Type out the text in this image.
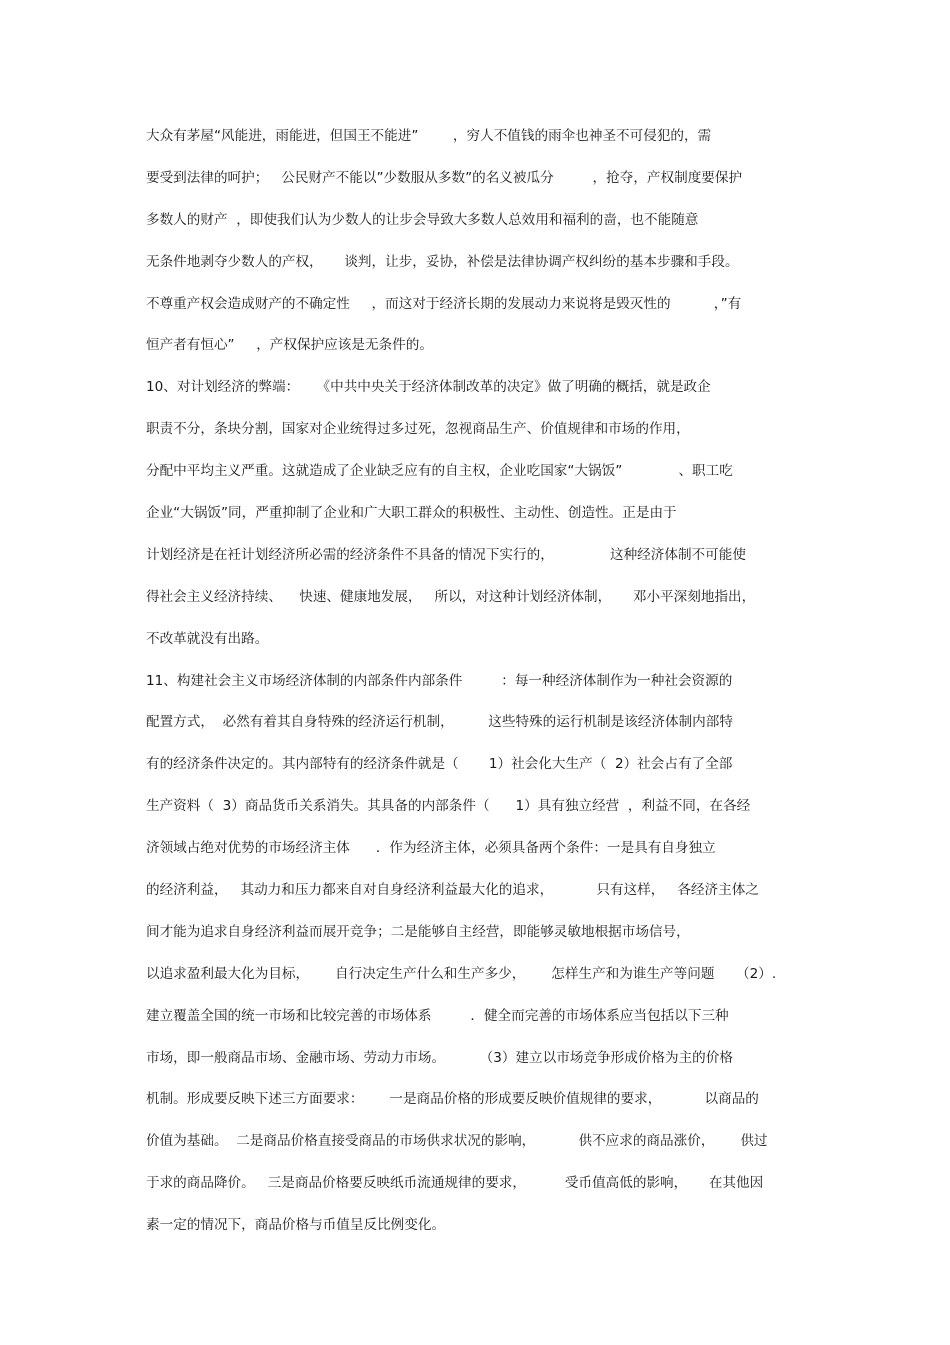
大众有茅屋“风能进，雨能进，但国王不能进”        ，穷人不值钱的雨伞也神圣不可侵犯的，需
要受到法律的呵护；   公民财产不能以”少数服从多数”的名义被瓜分         ，抢夺，产权制度要保护
多数人的财产  ，即使我们认为少数人的让步会导致大多数人总效用和福利的啬，也不能随意
无条件地剥夺少数人的产权，     谈判，让步，妥协，补偿是法律协调产权纠纷的基本步骤和手段。
不尊重产权会造成财产的不确定性     ，而这对于经济长期的发展动力来说将是毁灭性的          ，”有
恒产者有恒心”     ，产权保护应该是无条件的。
10、对计划经济的弊端：    《中共中央关于经济体制改革的决定》做了明确的概括，就是政企
职责不分，条块分割，国家对企业统得过多过死，忽视商品生产、价值规律和市场的作用，
分配中平均主义严重。这就造成了企业缺乏应有的自主权，企业吃国家“大锅饭”             、职工吃
企业“大锅饭”同，严重抑制了企业和广大职工群众的积极性、主动性、创造性。正是由于
计划经济是在衽计划经济所必需的经济条件不具备的情况下实行的，             这种经济体制不可能使
得社会主义经济持续、    快速、健康地发展，   所以，对这种计划经济体制，     邓小平深刻地指出，
不改革就没有出路。
11、构建社会主义市场经济体制的内部条件内部条件         ：每一种经济体制作为一种社会资源的
配置方式，  必然有着其自身特殊的经济运行机制，        这些特殊的运行机制是该经济体制内部特
有的经济条件决定的。其内部特有的经济条件就是（       1）社会化大生产（  2）社会占有了全部
生产资料（  3）商品货币关系消失。其具备的内部条件（      1）具有独立经营  ，利益不同，在各经
济领域占绝对优势的市场经济主体      ．作为经济主体，必须具备两个条件：一是具有自身独立
的经济利益，   其动力和压力都来自对自身经济利益最大化的追求，          只有这样，   各经济主体之
间才能为追求自身经济利益而展开竞争；二是能够自主经营，即能够灵敏地根据市场信号，
以追求盈利最大化为目标，      自行决定生产什么和生产多少，      怎样生产和为谁生产等问题     （2）.
建立覆盖全国的统一市场和比较完善的市场体系         ．健全而完善的市场体系应当包括以下三种
市场，即一般商品市场、金融市场、劳动力市场。        （3）建立以市场竞争形成价格为主的价格
机制。形成要反映下述三方面要求：      一是商品价格的形成要反映价值规律的要求，          以商品的
价值为基础。  二是商品价格直接受商品的市场供求状况的影响，          供不应求的商品涨价，      供过
于求的商品降价。   三是商品价格要反映纸币流通规律的要求，         受币值高低的影响，     在其他因
素一定的情况下，商品价格与币值呈反比例变化。
